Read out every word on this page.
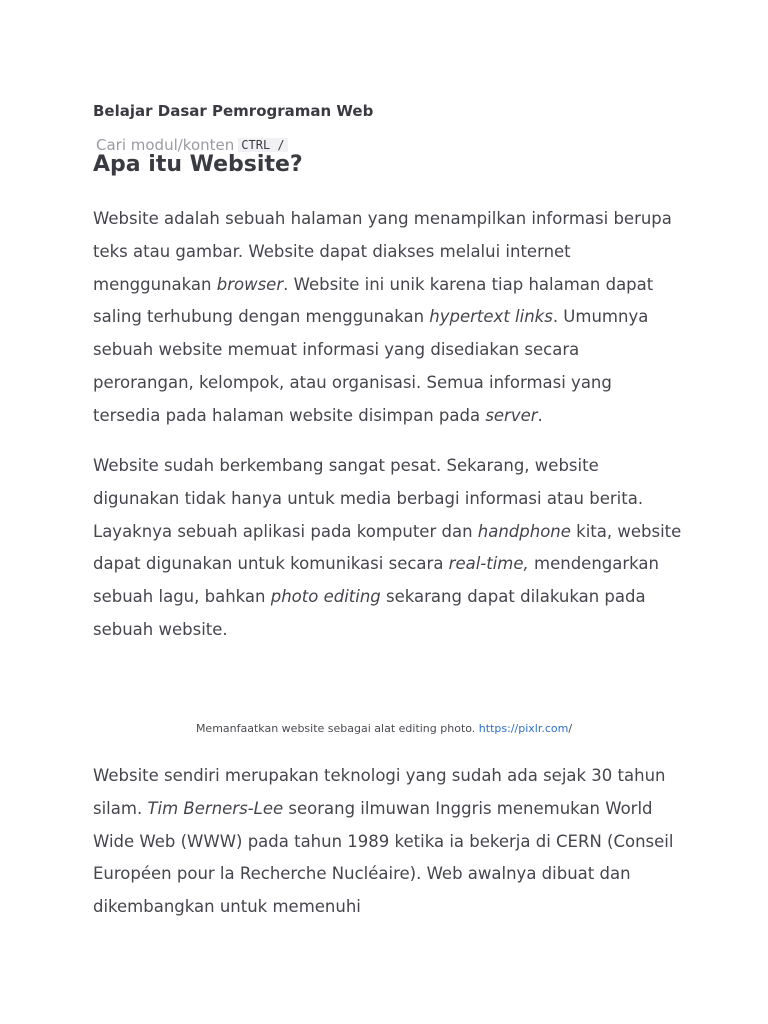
Belajar Dasar Pemrograman Web
Cari modul/konten CTRL /
Apa itu Website?

Website adalah sebuah halaman yang menampilkan informasi berupa teks atau gambar. Website dapat diakses melalui internet menggunakan browser. Website ini unik karena tiap halaman dapat saling terhubung dengan menggunakan hypertext links. Umumnya sebuah website memuat informasi yang disediakan secara perorangan, kelompok, atau organisasi. Semua informasi yang tersedia pada halaman website disimpan pada server.

Website sudah berkembang sangat pesat. Sekarang, website digunakan tidak hanya untuk media berbagi informasi atau berita. Layaknya sebuah aplikasi pada komputer dan handphone kita, website dapat digunakan untuk komunikasi secara real-time, mendengarkan sebuah lagu, bahkan photo editing sekarang dapat dilakukan pada sebuah website.

Memanfaatkan website sebagai alat editing photo. https://pixlr.com/

Website sendiri merupakan teknologi yang sudah ada sejak 30 tahun silam. Tim Berners-Lee seorang ilmuwan Inggris menemukan World Wide Web (WWW) pada tahun 1989 ketika ia bekerja di CERN (Conseil Européen pour la Recherche Nucléaire). Web awalnya dibuat dan dikembangkan untuk memenuhi
